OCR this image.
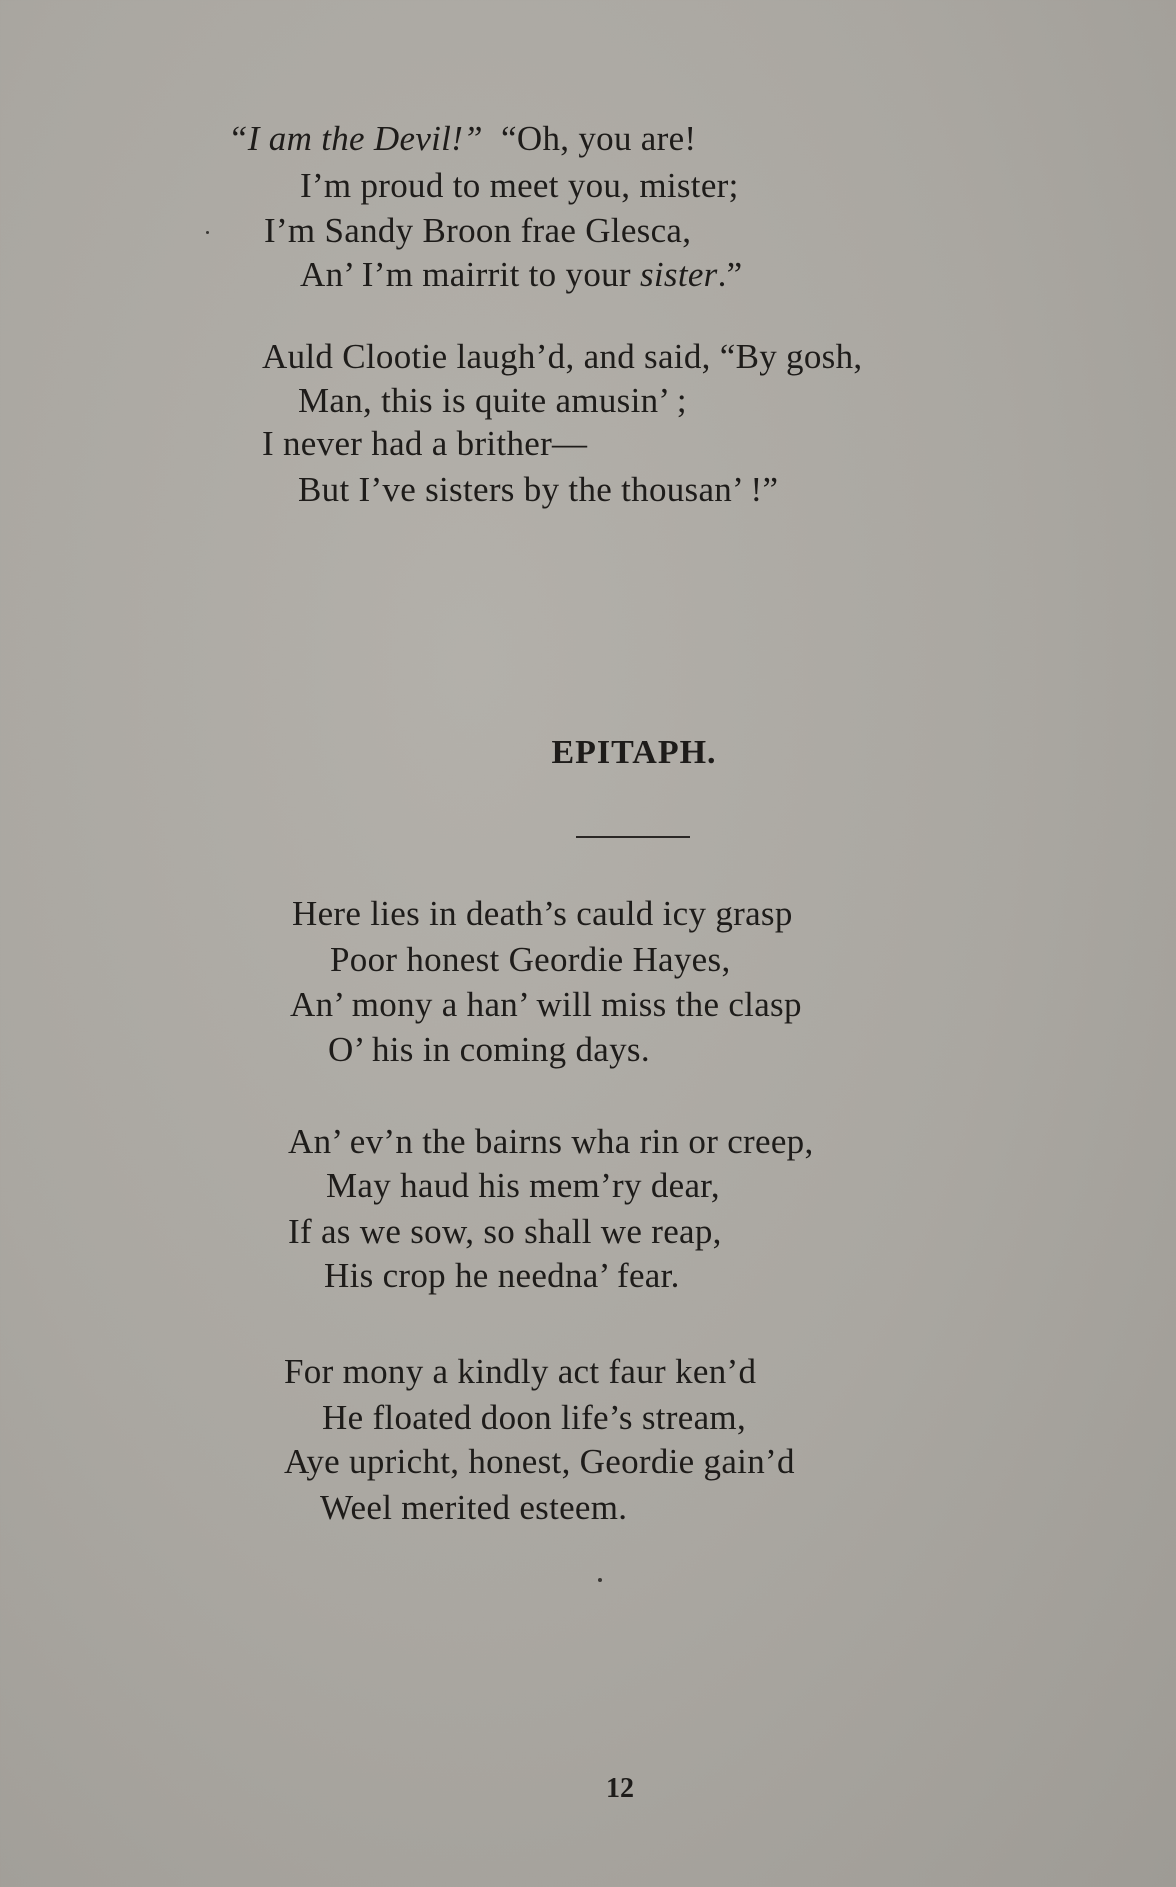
“I am the Devil!” “Oh, you are!
I’m proud to meet you, mister;
I’m Sandy Broon frae Glesca,
An’ I’m mairrit to your sister.”
Auld Clootie laugh’d, and said, “By gosh,
Man, this is quite amusin’ ;
I never had a brither—
But I’ve sisters by the thousan’ !”
EPITAPH.
Here lies in death’s cauld icy grasp
Poor honest Geordie Hayes,
An’ mony a han’ will miss the clasp
O’ his in coming days.
An’ ev’n the bairns wha rin or creep,
May haud his mem’ry dear,
If as we sow, so shall we reap,
His crop he needna’ fear.
For mony a kindly act faur ken’d
He floated doon life’s stream,
Aye upricht, honest, Geordie gain’d
Weel merited esteem.
12
